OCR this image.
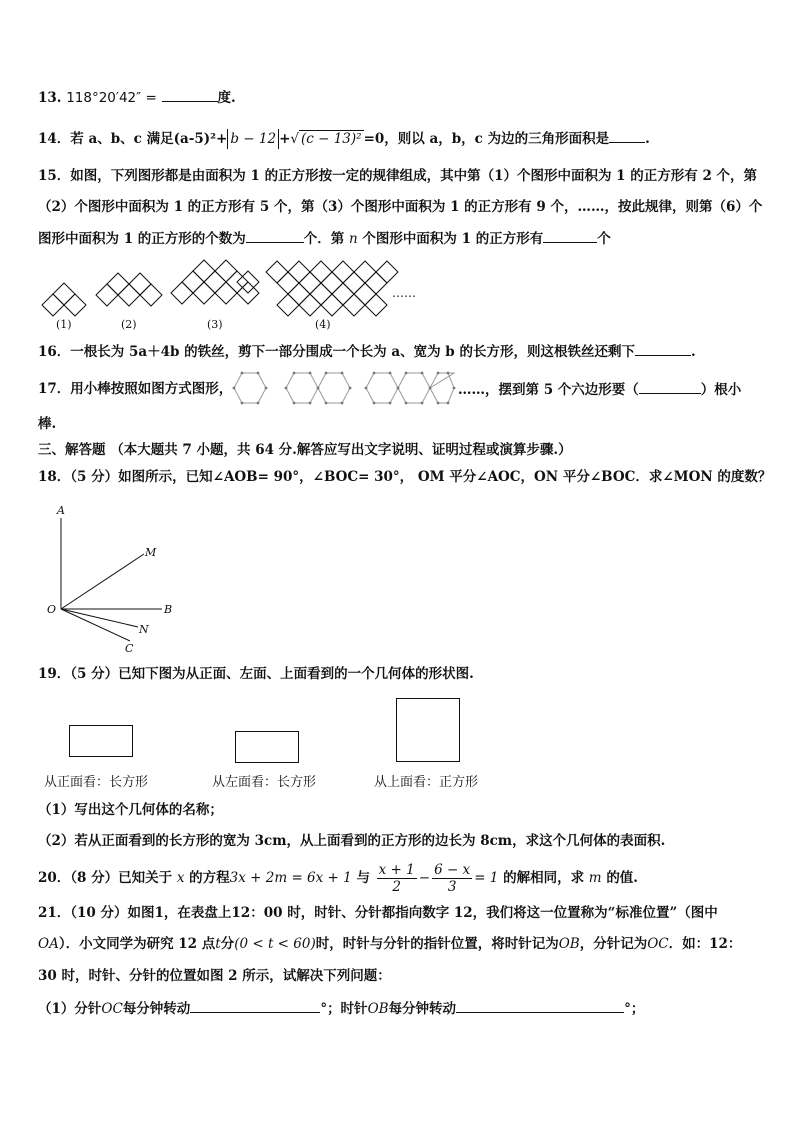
13. 118°20′42″ =	度.
14．若 a、b、c 满足(a-5)²+ b − 12 +√ (c − 13)² =0，则以 a，b，c 为边的三角形面积是	.
15．如图，下列图形都是由面积为 1 的正方形按一定的规律组成，其中第（1）个图形中面积为 1 的正方形有 2 个，第
（2）个图形中面积为 1 的正方形有 5 个，第（3）个图形中面积为 1 的正方形有 9 个，……，按此规律，则第（6）个
图形中面积为 1 的正方形的个数为	个．第 n 个图形中面积为 1 的正方形有	个
(1)	(2)	(3)	(4)
……
16．一根长为 5a＋4b 的铁丝，剪下一部分围成一个长为 a、宽为 b 的长方形，则这根铁丝还剩下	.
17．用小棒按照如图方式图形，	……，摆到第 5 个六边形要（	）根小
棒.
三、解答题 （本大题共 7 小题，共 64 分.解答应写出文字说明、证明过程或演算步骤.）
18．（5 分）如图所示，已知∠AOB= 90°，∠BOC= 30°， OM 平分∠AOC，ON 平分∠BOC．求∠MON 的度数？
A
M
O	B
N
C
19．（5 分）已知下图为从正面、左面、上面看到的一个几何体的形状图.
从正面看：长方形	从左面看：长方形	从上面看：正方形
（1）写出这个几何体的名称；
（2）若从正面看到的长方形的宽为 3cm，从上面看到的正方形的边长为 8cm，求这个几何体的表面积.
20．（8 分）已知关于 x 的方程3x + 2m = 6x + 1 与 $\frac{x + 1}{2} - \frac{6 - x}{3} = 1$ 的解相同，求 m 的值.
21．（10 分）如图1，在表盘上12：00 时，时针、分针都指向数字 12，我们将这一位置称为“标准位置”（图中
OA）．小文同学为研究 12 点t分(0 < t < 60)时，时针与分针的指针位置，将时针记为OB，分针记为OC．如：12：
30 时，时针、分针的位置如图 2 所示，试解决下列问题：
（1）分针OC每分钟转动	°；时针OB每分钟转动	°；
